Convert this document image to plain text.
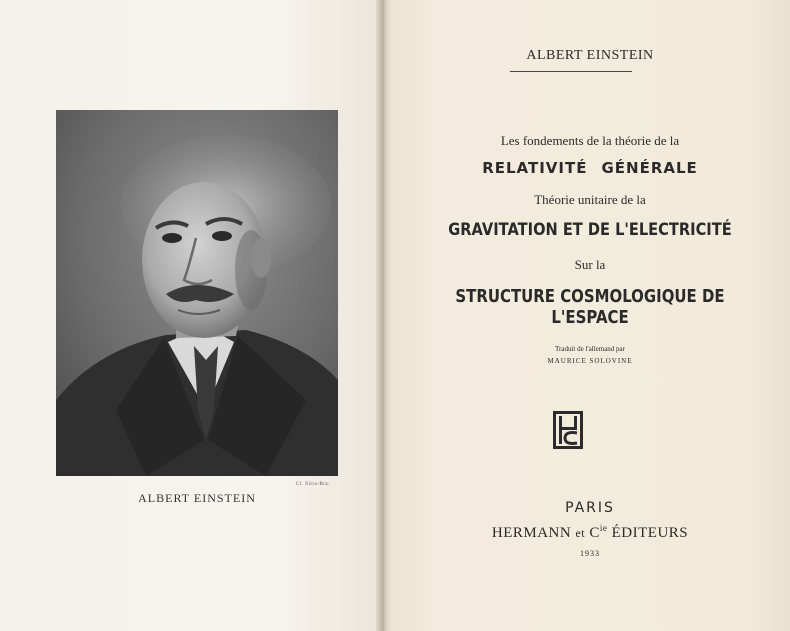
ALBERT EINSTEIN
Cl. Sirta-Bra.
ALBERT EINSTEIN
Les fondements de la théorie de la
RELATIVITÉ GÉNÉRALE
Théorie unitaire de la
GRAVITATION ET DE L'ELECTRICITÉ
Sur la
STRUCTURE COSMOLOGIQUE DE L'ESPACE
Traduit de l'allemand par
MAURICE SOLOVINE
PARIS
HERMANN et $C^{ie}$ ÉDITEURS
1933
